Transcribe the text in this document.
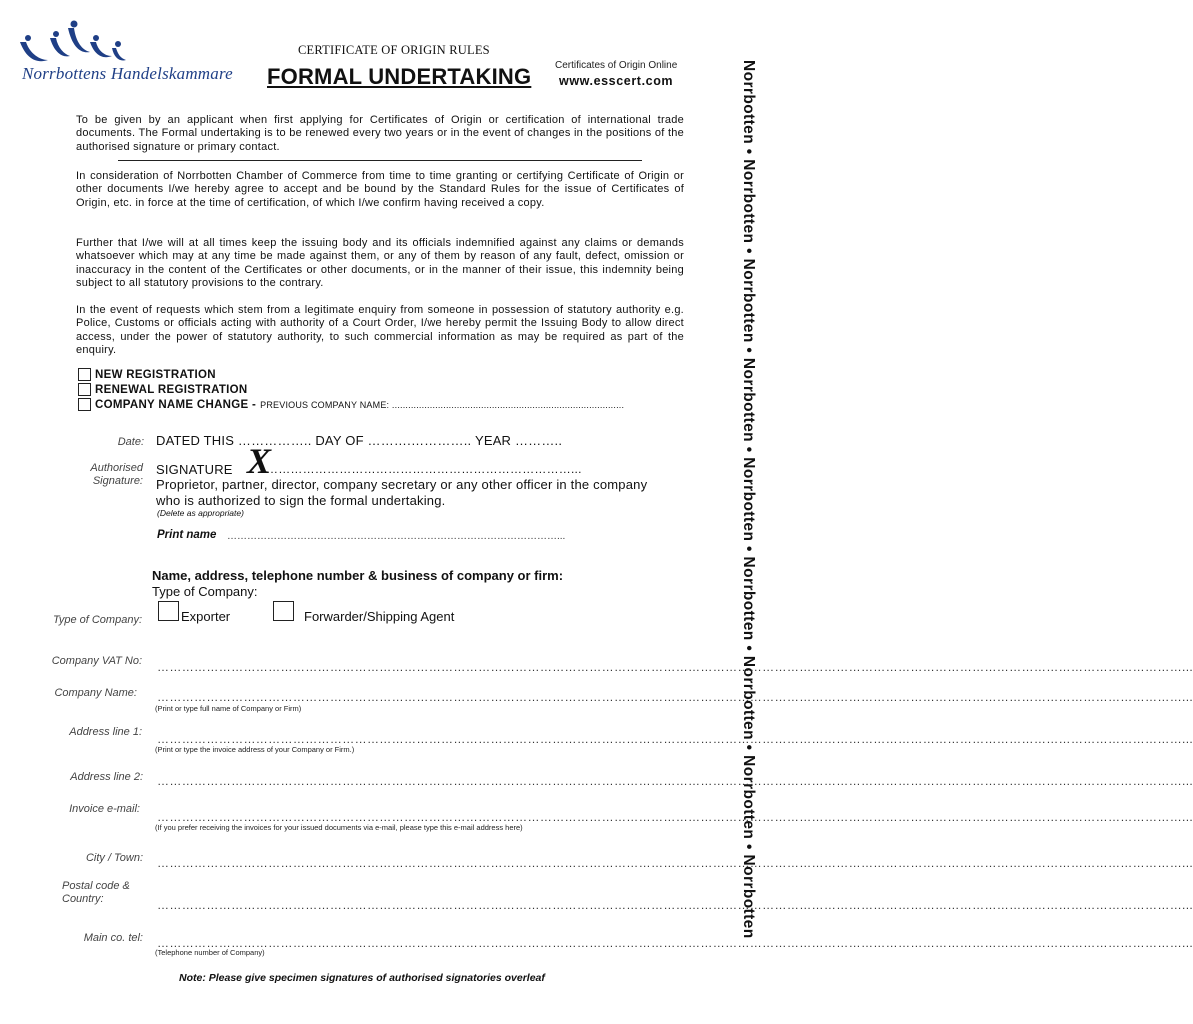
Norrbottens Handelskammare
CERTIFICATE OF ORIGIN RULES
FORMAL UNDERTAKING Certificates of Origin Online
www.esscert.com	Norrbotten • Norrbotten • Norrbotten • Norrbotten • Norrbotten • Norrbotten • Norrbotten • Norrbotten • Norrbotten
To be given by an applicant when first applying for Certificates of Origin or certification of international trade documents. The Formal undertaking is to be renewed every two years or in the event of changes in the positions of the authorised signature or primary contact.
In consideration of Norrbotten Chamber of Commerce from time to time granting or certifying Certificate of Origin or other documents I/we hereby agree to accept and be bound by the Standard Rules for the issue of Certificates of Origin, etc. in force at the time of certification, of which I/we confirm having received a copy.
Further that I/we will at all times keep the issuing body and its officials indemnified against any claims or demands whatsoever which may at any time be made against them, or any of them by reason of any fault, defect, omission or inaccuracy in the content of the Certificates or other documents, or in the manner of their issue, this indemnity being subject to all statutory provisions to the contrary.
In the event of requests which stem from a legitimate enquiry from someone in possession of statutory authority e.g. Police, Customs or officials acting with authority of a Court Order, I/we hereby permit the Issuing Body to allow direct access, under the power of statutory authority, to such commercial information as may be required as part of the enquiry.
NEW REGISTRATION
RENEWAL REGISTRATION
COMPANY NAME CHANGE - PREVIOUS COMPANY NAME: ......................................................................................
Date: DATED THIS …………….. DAY OF ……….………….. YEAR ………..
Authorised
Signature:
SIGNATURE X
…………………………………………………………………...
Proprietor, partner, director, company secretary or any other officer in the company
who is authorized to sign the formal undertaking.
(Delete as appropriate)
Print name ………………………………………………………………………………………...
Name, address, telephone number & business of company or firm:
Type of Company:
Type of Company:	Exporter	Forwarder/Shipping Agent
Company VAT No: ……………………………………………………………………………………………………………………………………………………………………………………………………………………………...
Company Name: ……………………………………………………………………………………………………………………………………………………………………………………………………………………………...
(Print or type full name of Company or Firm)
Address line 1: ……………………………………………………………………………………………………………………………………………………………………………………………………………………………...
(Print or type the invoice address of your Company or Firm.)
Address line 2: ……………………………………………………………………………………………………………………………………………………………………………………………………………………………...
Invoice e-mail:
……………………………………………………………………………………………………………………………………………………………………………………………………………………………...
(If you prefer receiving the invoices for your issued documents via e-mail, please type this e-mail address here)
City / Town: ……………………………………………………………………………………………………………………………………………………………………………………………………………………………...
Postal code &
Country:	……………………………………………………………………………………………………………………………………………………………………………………………………………………………...
Main co. tel: ……………………………………………………………………………………………………………………………………………………………………………………………………………………………...
(Telephone number of Company)
Note: Please give specimen signatures of authorised signatories overleaf
